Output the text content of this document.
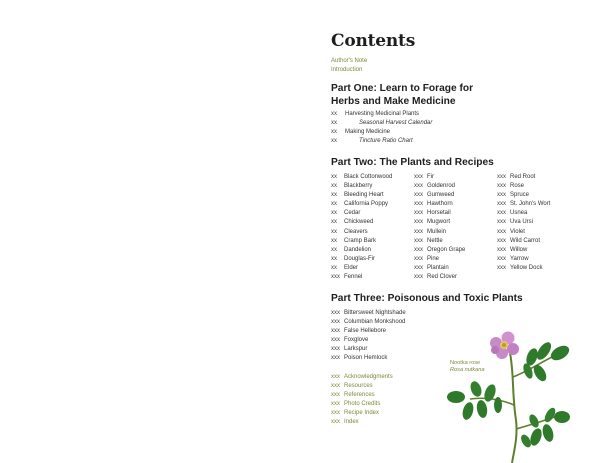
Contents
Author's Note
Introduction
Part One: Learn to Forage for Herbs and Make Medicine
xx	Harvesting Medicinal Plants
xx	Seasonal Harvest Calendar
xx	Making Medicine
xx	Tincture Ratio Chart
Part Two: The Plants and Recipes
xx	Black Cottonwood
xx	Blackberry
xx	Bleeding Heart
xx	California Poppy
xx	Cedar
xx	Chickweed
xx	Cleavers
xx	Cramp Bark
xx	Dandelion
xx	Douglas-Fir
xx	Elder
xxx Fennel
xxx Fir
xxx Goldenrod
xxx Gumweed
xxx Hawthorn
xxx Horsetail
xxx Mugwort
xxx Mullein
xxx Nettle
xxx Oregon Grape
xxx Pine
xxx Plantain
xxx Red Clover
xxx Red Root
xxx Rose
xxx Spruce
xxx St. John's Wort
xxx Usnea
xxx Uva Ursi
xxx Violet
xxx Wild Carrot
xxx Willow
xxx Yarrow
xxx Yellow Dock
Part Three: Poisonous and Toxic Plants
xxx Bittersweet Nightshade
xxx Columbian Monkshood
xxx False Hellebore
xxx Foxglove
xxx Larkspur
xxx Poison Hemlock
xxx Acknowledgments
xxx Resources
xxx References
xxx Photo Credits
xxx Recipe Index
xxx Index
Nootka rose
Rosa nutkana
